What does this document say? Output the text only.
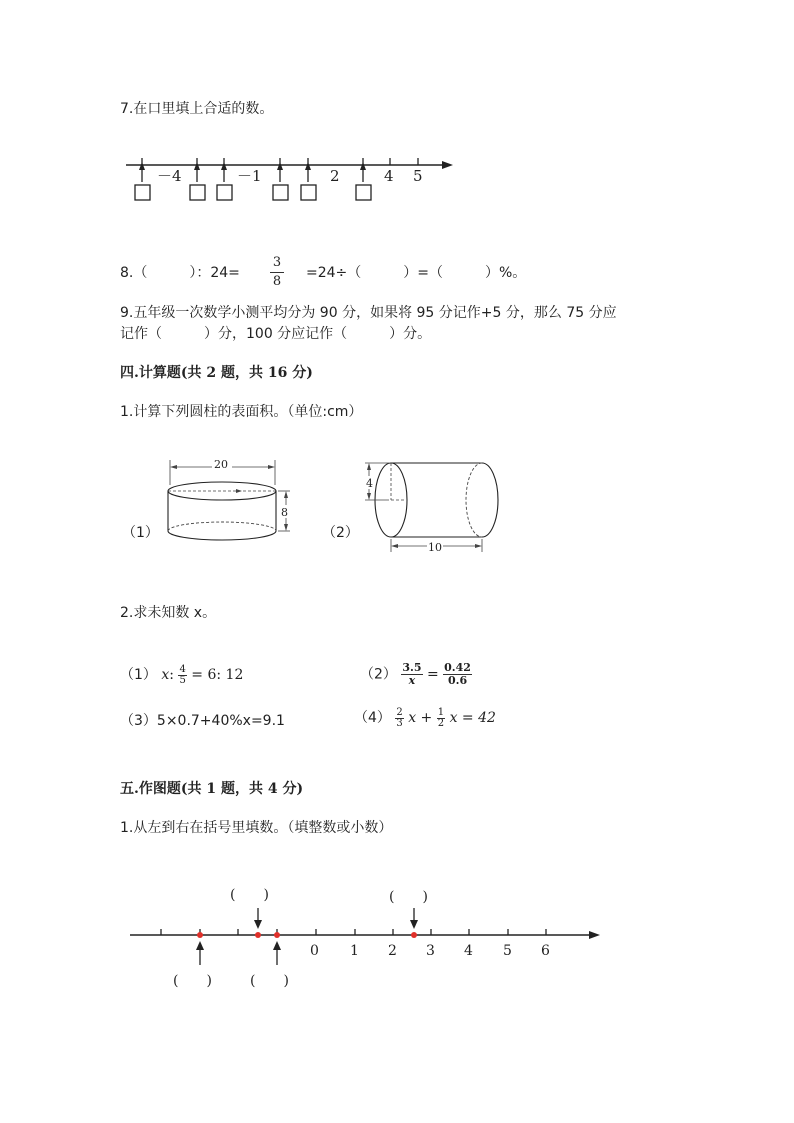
7.在口里填上合适的数。
－4	－1	2	4 5
8.（　　　）：24=
3
8
=24÷（　　　）=（　　　）%。
9.五年级一次数学小测平均分为 90 分，如果将 95 分记作+5 分，那么 75 分应
记作（　　　）分，100 分应记作（　　　）分。
四.计算题(共 2 题，共 16 分)
1.计算下列圆柱的表面积。（单位:cm）
（1）
20
8
（2）
4
10
2.求未知数 x。
（1） x: $\frac{4}{5} = 6$: 12	$(2) \frac{3.5}{x} = \frac{0.42}{0.6}$
（3）5×0.7+40%x=9.1	$(4) \frac{2}{3}$ $x + \frac{1}{2}$ x = 42
五.作图题(共 1 题，共 4 分)
1.从左到右在括号里填数。（填整数或小数）
0 1 2 3 4 5 6
(　　)	(　　)
(　　)	(　　)
